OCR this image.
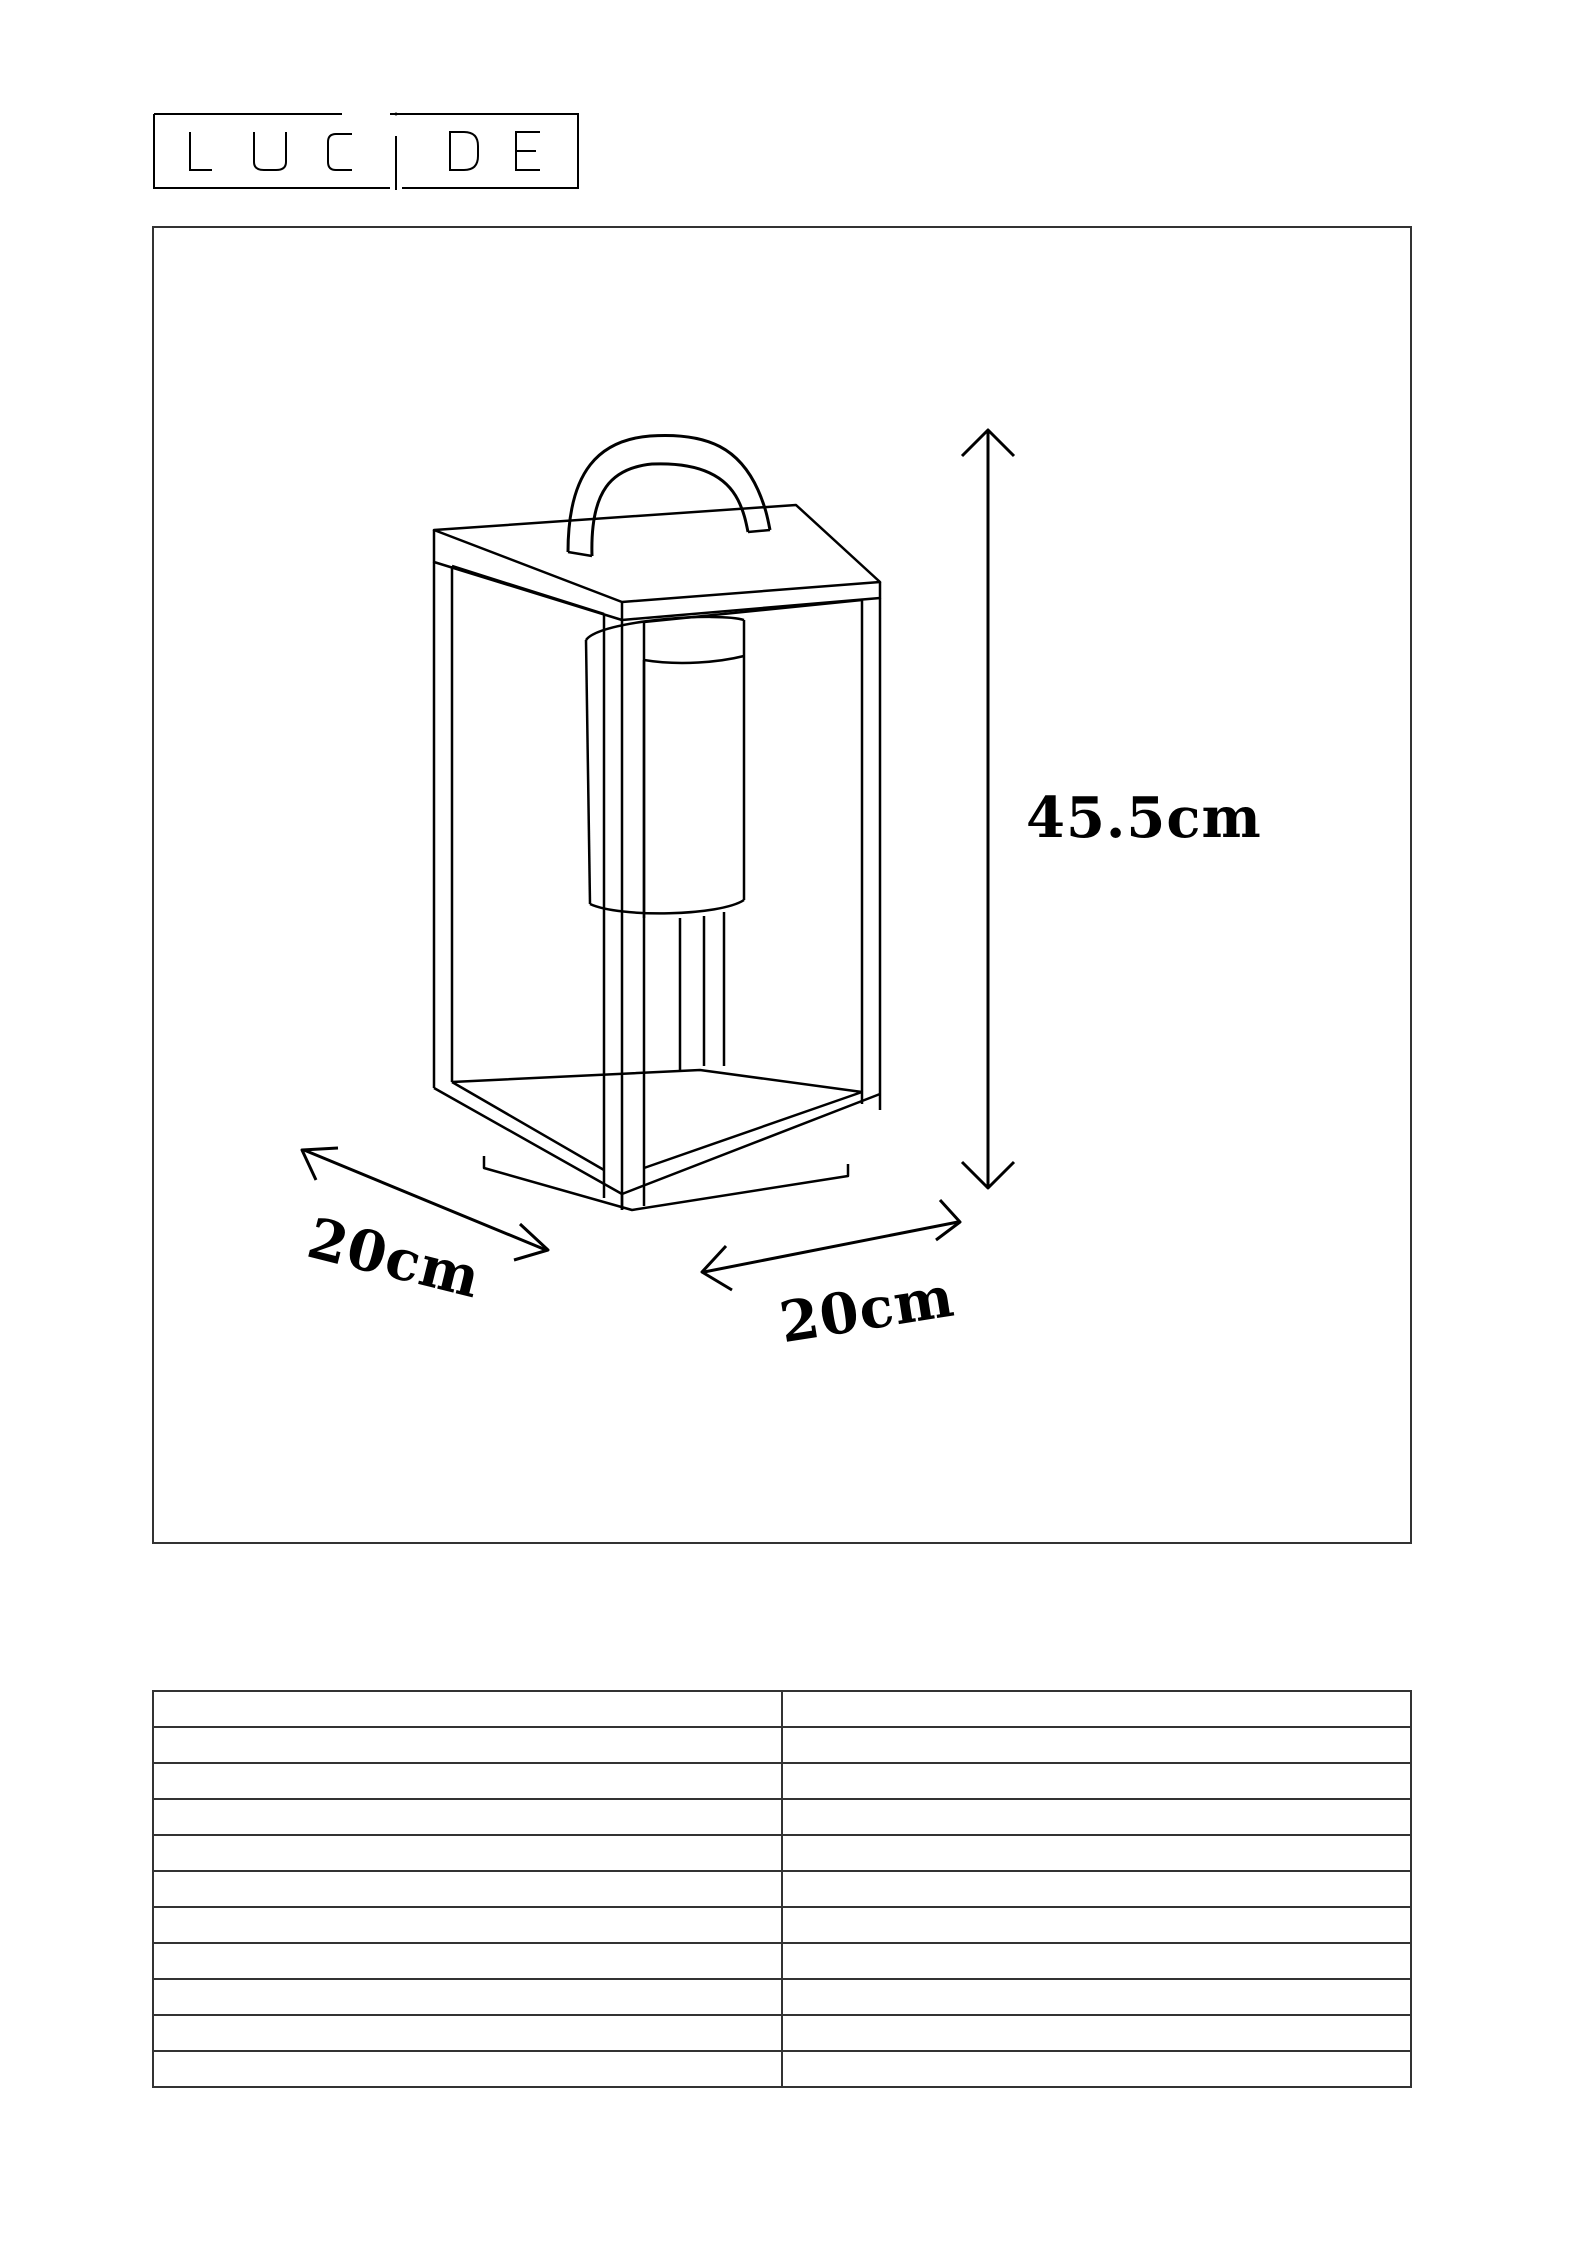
45.5cm
20cm	20cm
